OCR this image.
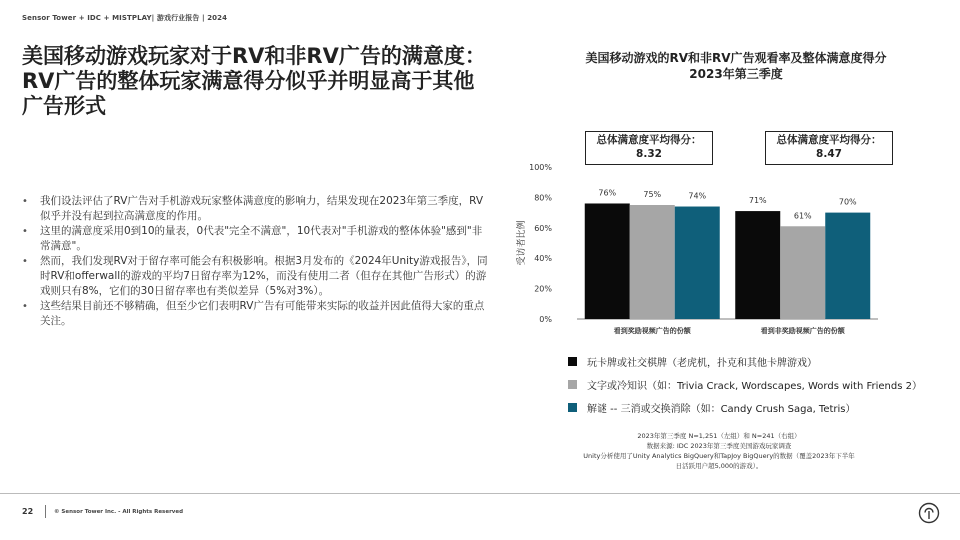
Sensor Tower + IDC + MISTPLAY| 游戏行业报告 | 2024
美国移动游戏玩家对于RV和非RV广告的满意度： RV广告的整体玩家满意得分似乎并明显高于其他广告形式
• 我们设法评估了RV广告对手机游戏玩家整体满意度的影响力，结果发现在2023年第三季度，RV似乎并没有起到拉高满意度的作用。
• 这里的满意度采用0到10的量表，0代表"完全不满意"，10代表对"手机游戏的整体体验"感到"非常满意"。
• 然而，我们发现RV对于留存率可能会有积极影响。根据3月发布的《2024年Unity游戏报告》，同时RV和offerwall的游戏的平均7日留存率为12%，而没有使用二者（但存在其他广告形式）的游戏则只有8%，它们的30日留存率也有类似差异（5%对3%）。
• 这些结果目前还不够精确，但至少它们表明RV广告有可能带来实际的收益并因此值得大家的重点关注。
美国移动游戏的RV和非RV广告观看率及整体满意度得分
2023年第三季度
总体满意度平均得分：
8.32
总体满意度平均得分：
8.47
受访者比例
0%
20%
40%
60%
80%
100%
76%	75%	74%
看到奖励视频广告的份额
71%
61%
70%
看到非奖励视频广告的份额
玩卡牌或社交棋牌（老虎机，扑克和其他卡牌游戏）
文字或冷知识（如：Trivia Crack, Wordscapes, Words with Friends 2）
解谜 -- 三消或交换消除（如：Candy Crush Saga, Tetris）
2023年第三季度 N=1,251（左组）和 N=241（右组）
数据来源: IDC 2023年第三季度美国游戏玩家调查
Unity分析使用了Unity Analytics BigQuery和TapJoy BigQuery的数据（覆盖2023年下半年
日活跃用户超5,000的游戏）。
22	© Sensor Tower Inc. - All Rights Reserved
